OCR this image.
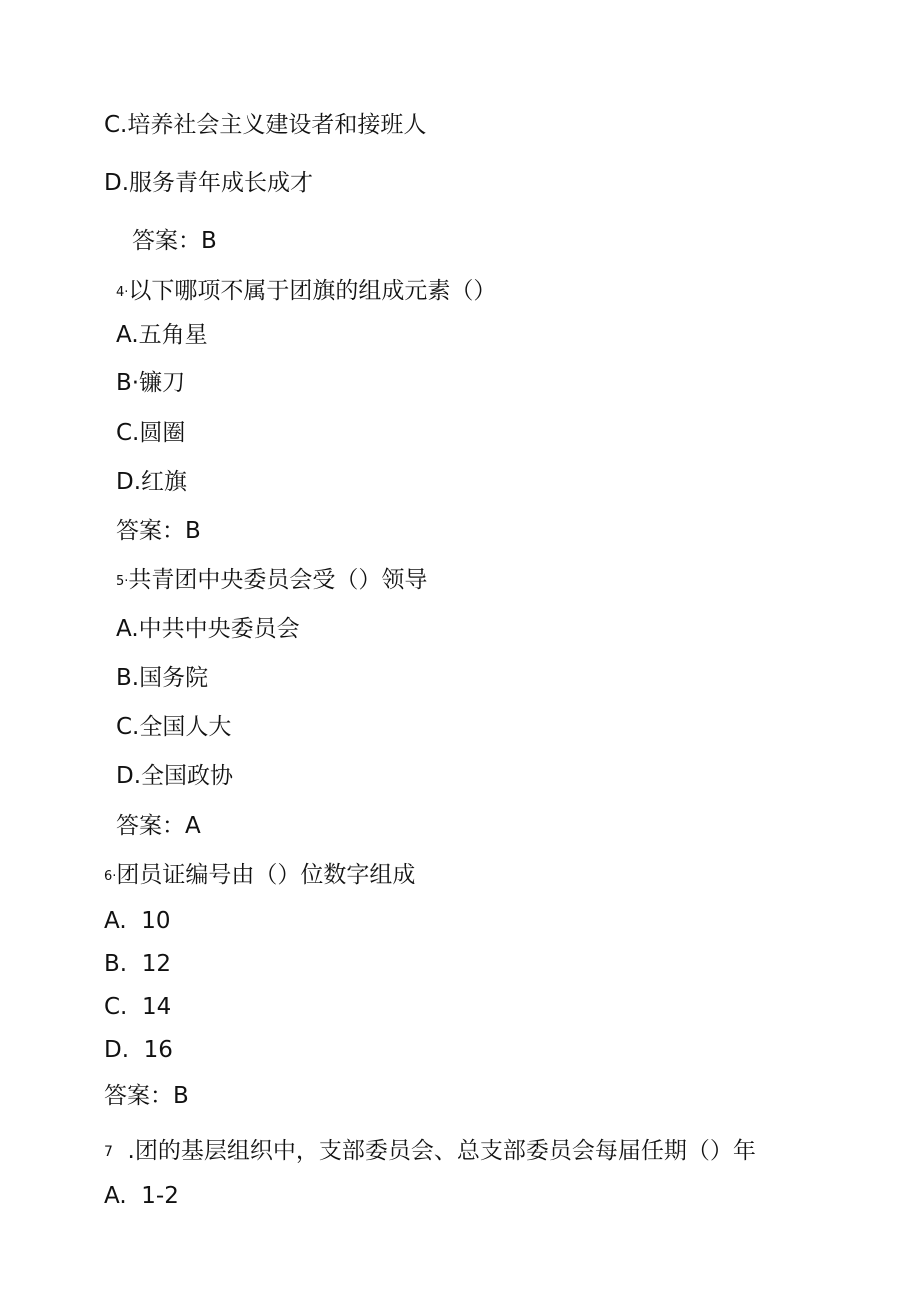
C.培养社会主义建设者和接班人
D.服务青年成长成才
答案：B
4·以下哪项不属于团旗的组成元素（）
A.五角星
B·镰刀
C.圆圈
D.红旗
答案：B
5·共青团中央委员会受（）领导
A.中共中央委员会
B.国务院
C.全国人大
D.全国政协
答案：A
6·团员证编号由（）位数字组成
A.  10
B.  12
C.  14
D.  16
答案：B
7  .团的基层组织中，支部委员会、总支部委员会每届任期（）年
A.  1-2
